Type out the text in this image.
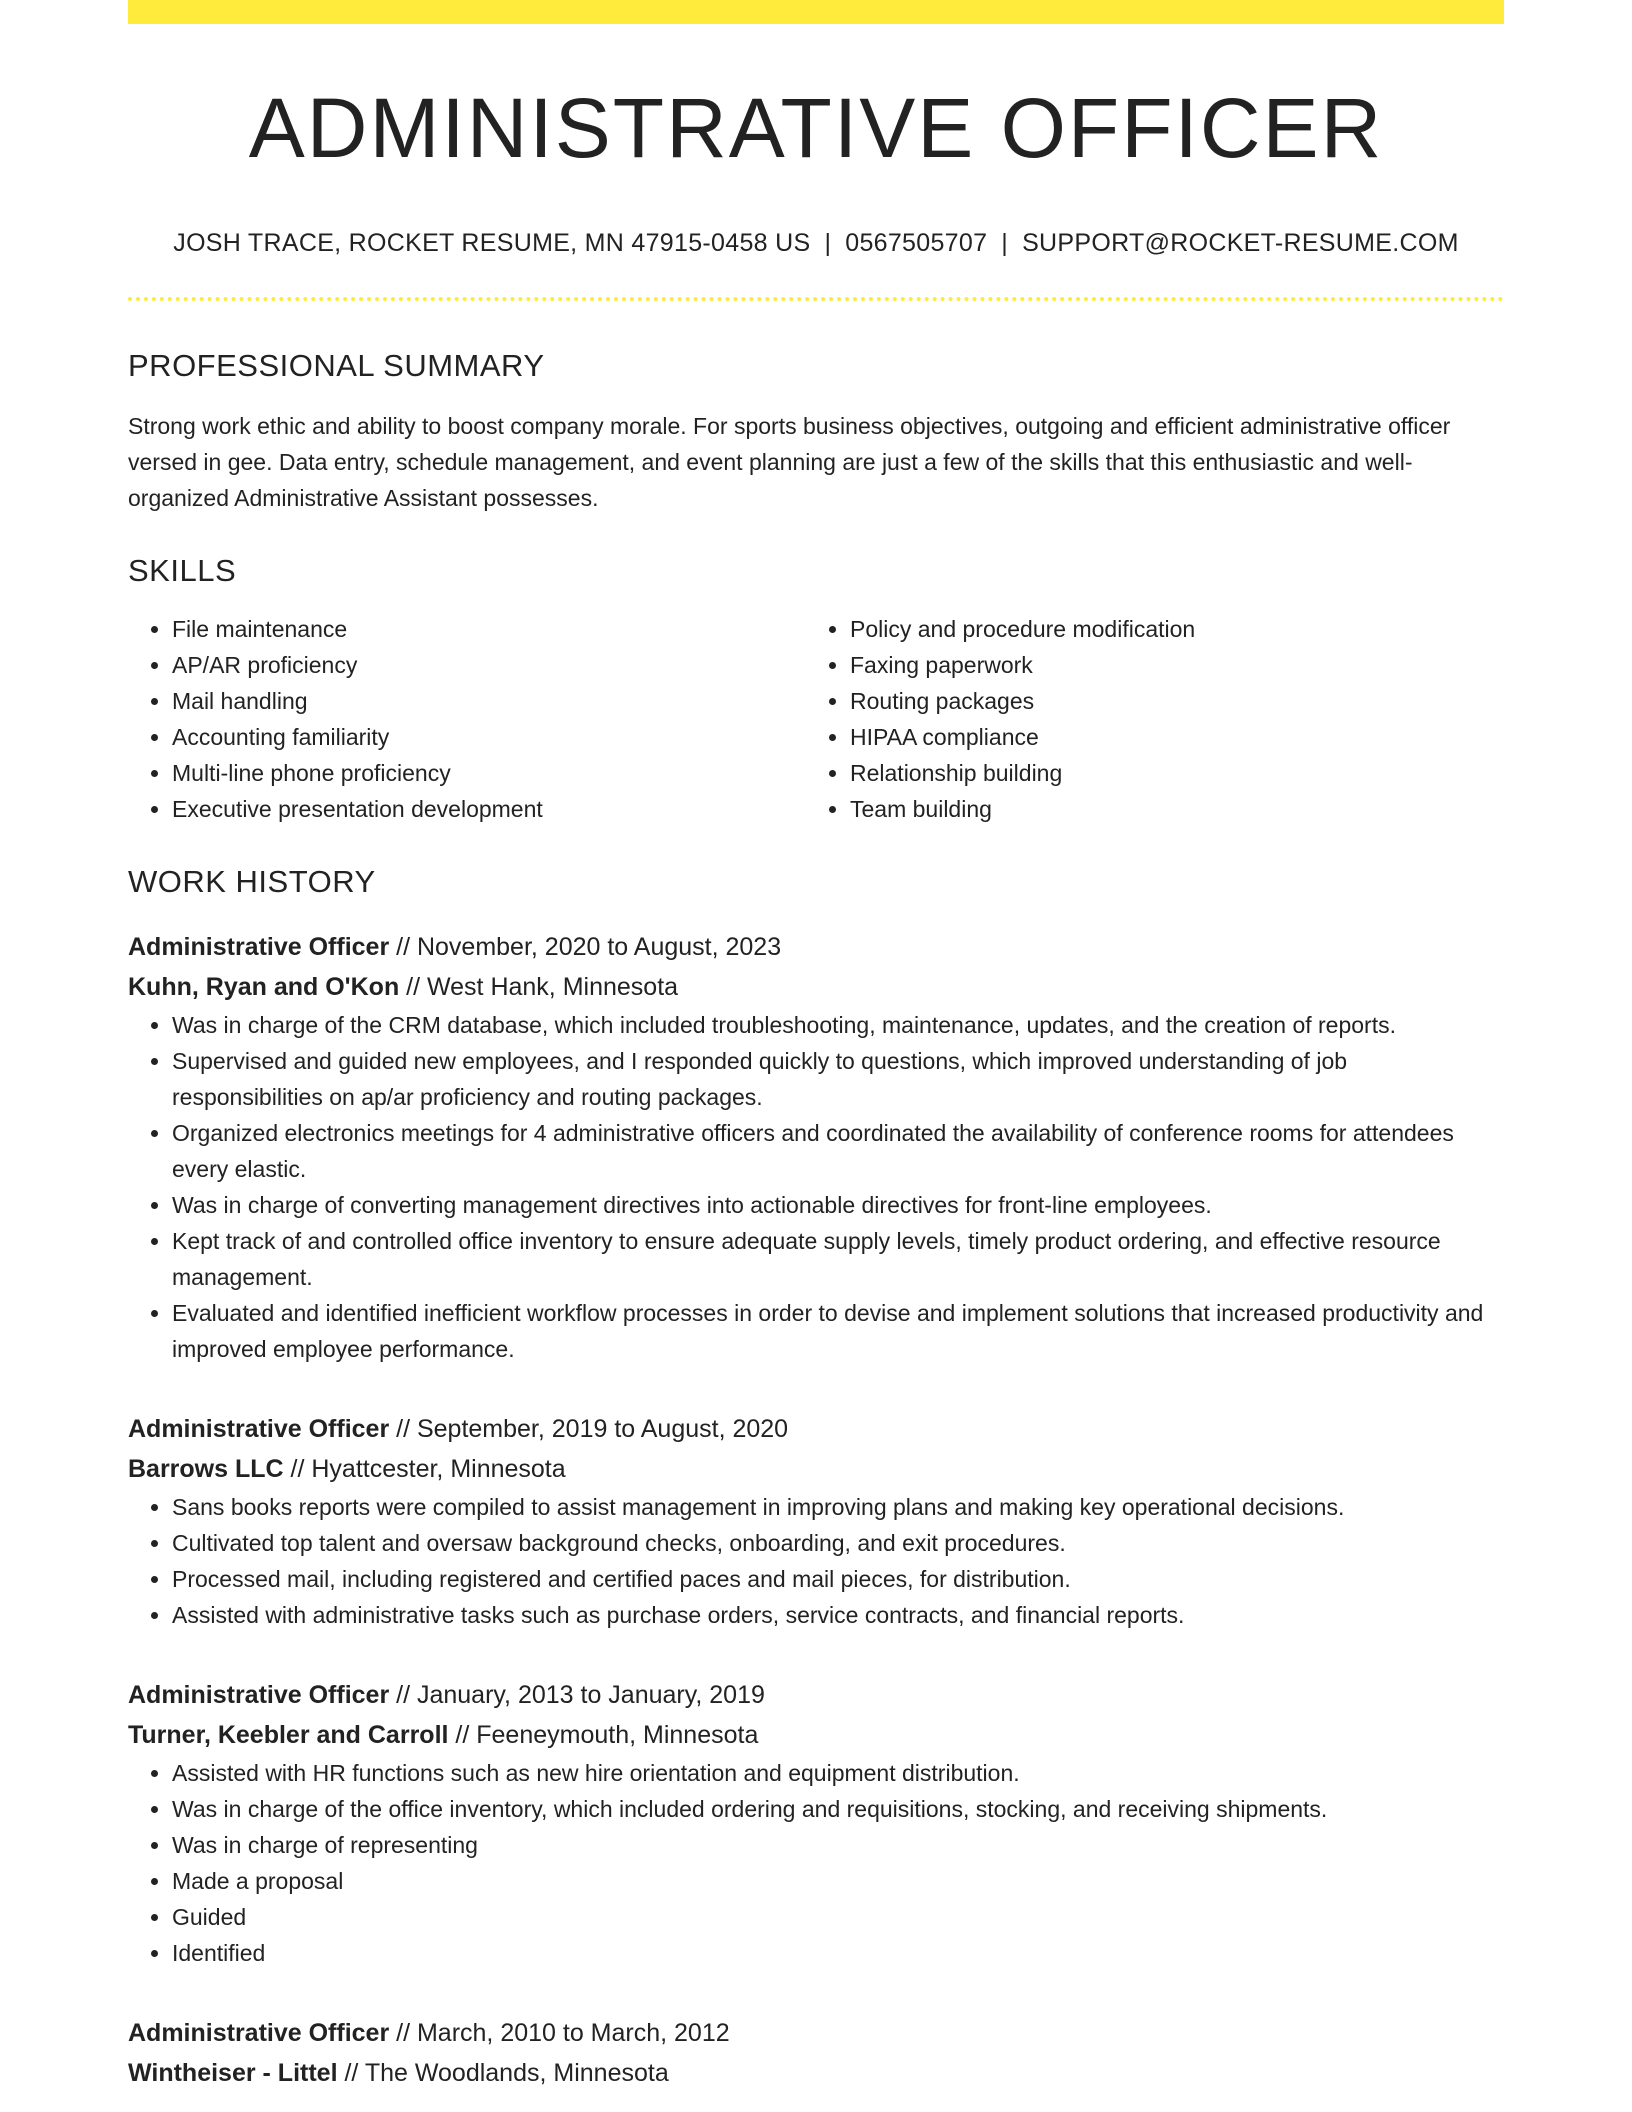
ADMINISTRATIVE OFFICER
JOSH TRACE, ROCKET RESUME, MN 47915-0458 US | 0567505707 | SUPPORT@ROCKET-RESUME.COM
PROFESSIONAL SUMMARY
Strong work ethic and ability to boost company morale. For sports business objectives, outgoing and efficient administrative officer versed in gee. Data entry, schedule management, and event planning are just a few of the skills that this enthusiastic and well-organized Administrative Assistant possesses.
SKILLS
• File maintenance
• AP/AR proficiency
• Mail handling
• Accounting familiarity
• Multi-line phone proficiency
• Executive presentation development
• Policy and procedure modification
• Faxing paperwork
• Routing packages
• HIPAA compliance
• Relationship building
• Team building
WORK HISTORY
Administrative Officer // November, 2020 to August, 2023
Kuhn, Ryan and O'Kon // West Hank, Minnesota
• Was in charge of the CRM database, which included troubleshooting, maintenance, updates, and the creation of reports.
• Supervised and guided new employees, and I responded quickly to questions, which improved understanding of job responsibilities on ap/ar proficiency and routing packages.
• Organized electronics meetings for 4 administrative officers and coordinated the availability of conference rooms for attendees every elastic.
• Was in charge of converting management directives into actionable directives for front-line employees.
• Kept track of and controlled office inventory to ensure adequate supply levels, timely product ordering, and effective resource management.
• Evaluated and identified inefficient workflow processes in order to devise and implement solutions that increased productivity and improved employee performance.
Administrative Officer // September, 2019 to August, 2020
Barrows LLC // Hyattcester, Minnesota
• Sans books reports were compiled to assist management in improving plans and making key operational decisions.
• Cultivated top talent and oversaw background checks, onboarding, and exit procedures.
• Processed mail, including registered and certified paces and mail pieces, for distribution.
• Assisted with administrative tasks such as purchase orders, service contracts, and financial reports.
Administrative Officer // January, 2013 to January, 2019
Turner, Keebler and Carroll // Feeneymouth, Minnesota
• Assisted with HR functions such as new hire orientation and equipment distribution.
• Was in charge of the office inventory, which included ordering and requisitions, stocking, and receiving shipments.
• Was in charge of representing
• Made a proposal
• Guided
• Identified
Administrative Officer // March, 2010 to March, 2012
Wintheiser - Littel // The Woodlands, Minnesota
